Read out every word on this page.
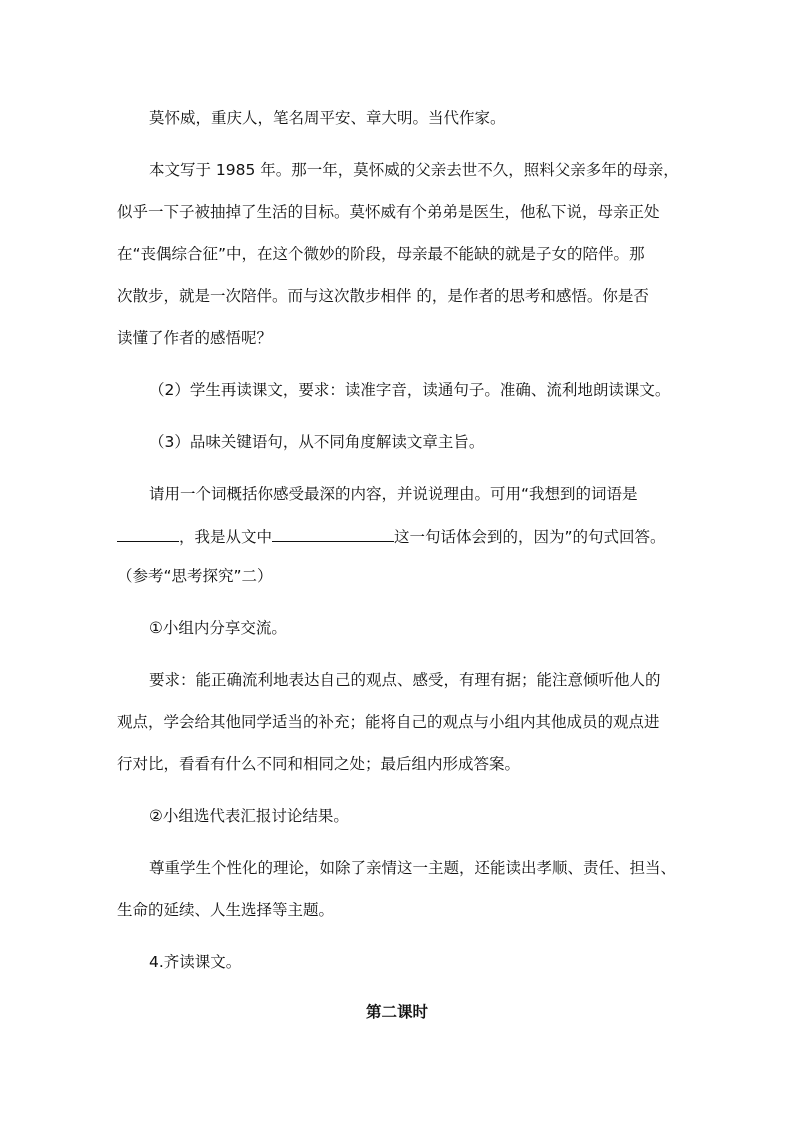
莫怀威，重庆人，笔名周平安、章大明。当代作家。
本文写于 1985 年。那一年，莫怀威的父亲去世不久，照料父亲多年的母亲，
似乎一下子被抽掉了生活的目标。莫怀威有个弟弟是医生，他私下说，母亲正处
在“丧偶综合征”中，在这个微妙的阶段，母亲最不能缺的就是子女的陪伴。那
次散步，就是一次陪伴。而与这次散步相伴 的，是作者的思考和感悟。你是否
读懂了作者的感悟呢？
（2）学生再读课文，要求：读准字音，读通句子。准确、流利地朗读课文。
（3）品味关键语句，从不同角度解读文章主旨。
请用一个词概括你感受最深的内容，并说说理由。可用“我想到的词语是
，我是从文中	这一句话体会到的，因为”的句式回答。
（参考“思考探究”二）
①小组内分享交流。
要求：能正确流利地表达自己的观点、感受，有理有据；能注意倾听他人的
观点，学会给其他同学适当的补充；能将自己的观点与小组内其他成员的观点进
行对比，看看有什么不同和相同之处；最后组内形成答案。
②小组选代表汇报讨论结果。
尊重学生个性化的理论，如除了亲情这一主题，还能读出孝顺、责任、担当、
生命的延续、人生选择等主题。
4.齐读课文。
第二课时
